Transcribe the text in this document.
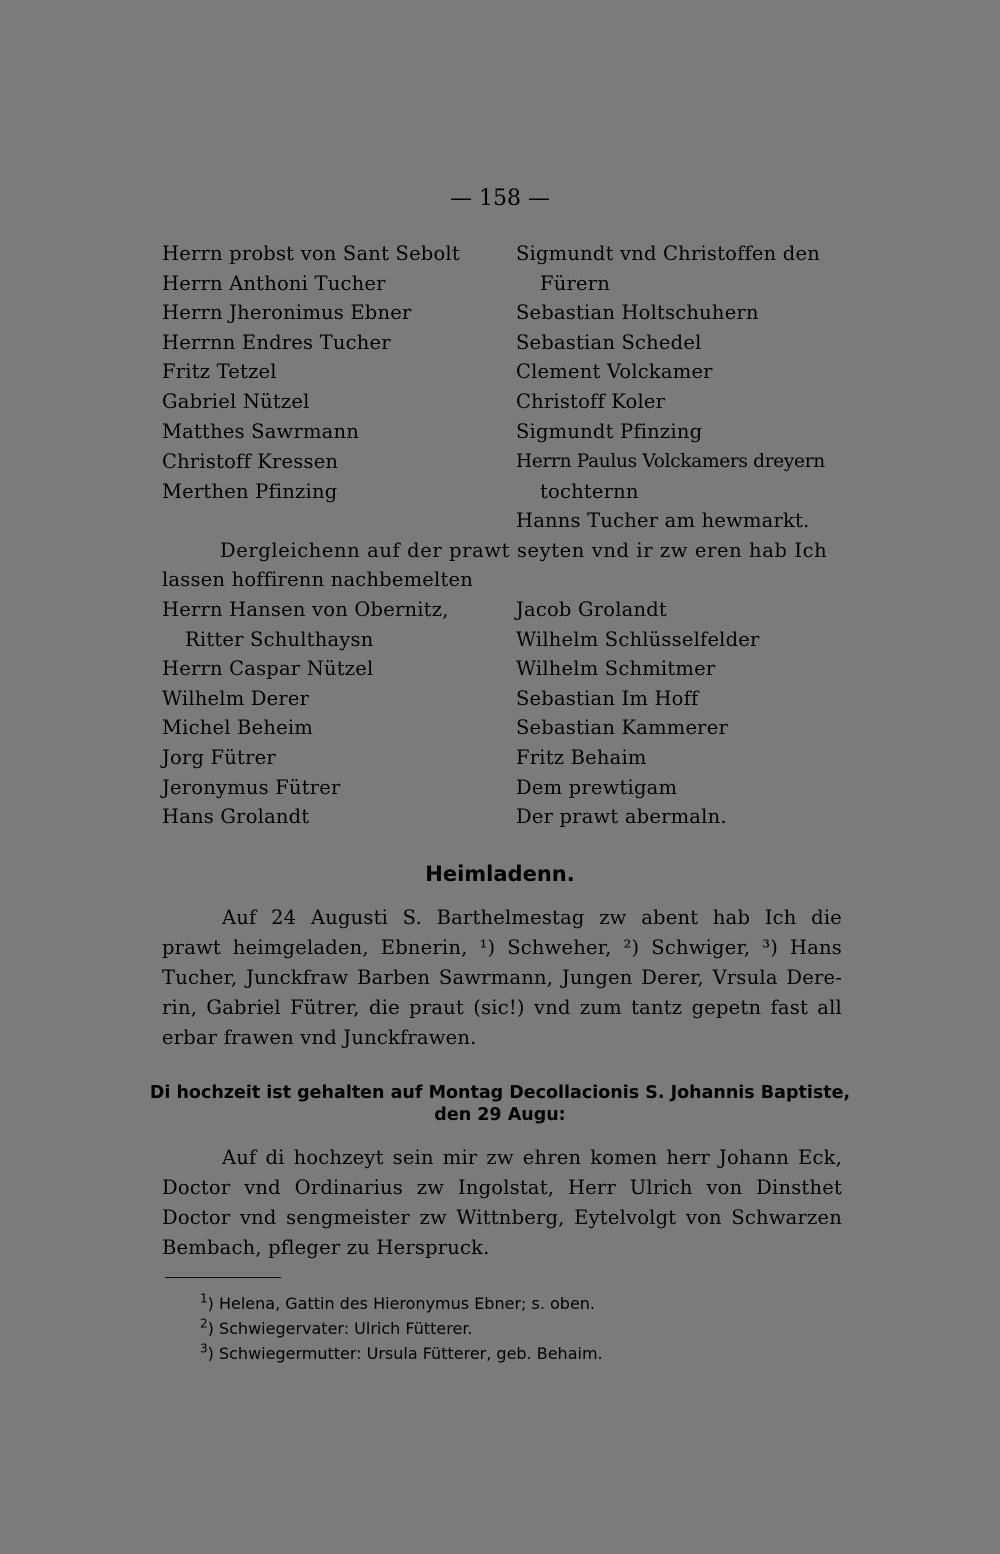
— 158 —
Herrn probst von Sant Sebolt
Herrn Anthoni Tucher
Herrn Jheronimus Ebner
Herrnn Endres Tucher
Fritz Tetzel
Gabriel Nützel
Matthes Sawrmann
Christoff Kressen
Merthen Pfinzing
Sigmundt vnd Christoffen den
Fürern
Sebastian Holtschuhern
Sebastian Schedel
Clement Volckamer
Christoff Koler
Sigmundt Pfinzing
Herrn Paulus Volckamers dreyern
tochternn
Hanns Tucher am hewmarkt.
Dergleichenn auf der prawt seyten vnd ir zw eren hab Ich
lassen hoffirenn nachbemelten
Herrn Hansen von Obernitz,
Ritter Schulthaysn
Herrn Caspar Nützel
Wilhelm Derer
Michel Beheim
Jorg Fütrer
Jeronymus Fütrer
Hans Grolandt
Jacob Grolandt
Wilhelm Schlüsselfelder
Wilhelm Schmitmer
Sebastian Im Hoff
Sebastian Kammerer
Fritz Behaim
Dem prewtigam
Der prawt abermaln.
Heimladenn.
Auf 24 Augusti S. Barthelmestag zw abent hab Ich die
prawt heimgeladen, Ebnerin, ¹) Schweher, ²) Schwiger, ³) Hans
Tucher, Junckfraw Barben Sawrmann, Jungen Derer, Vrsula Dere-
rin, Gabriel Fütrer, die praut (sic!) vnd zum tantz gepetn fast all
erbar frawen vnd Junckfrawen.
Di hochzeit ist gehalten auf Montag Decollacionis S. Johannis Baptiste,
den 29 Augu:
Auf di hochzeyt sein mir zw ehren komen herr Johann Eck,
Doctor vnd Ordinarius zw Ingolstat, Herr Ulrich von Dinsthet
Doctor vnd sengmeister zw Wittnberg, Eytelvolgt von Schwarzen
Bembach, pfleger zu Herspruck.
$^1$) Helena, Gattin des Hieronymus Ebner; s. oben.
$^2$) Schwiegervater: Ulrich Fütterer.
$^3$) Schwiegermutter: Ursula Fütterer, geb. Behaim.
